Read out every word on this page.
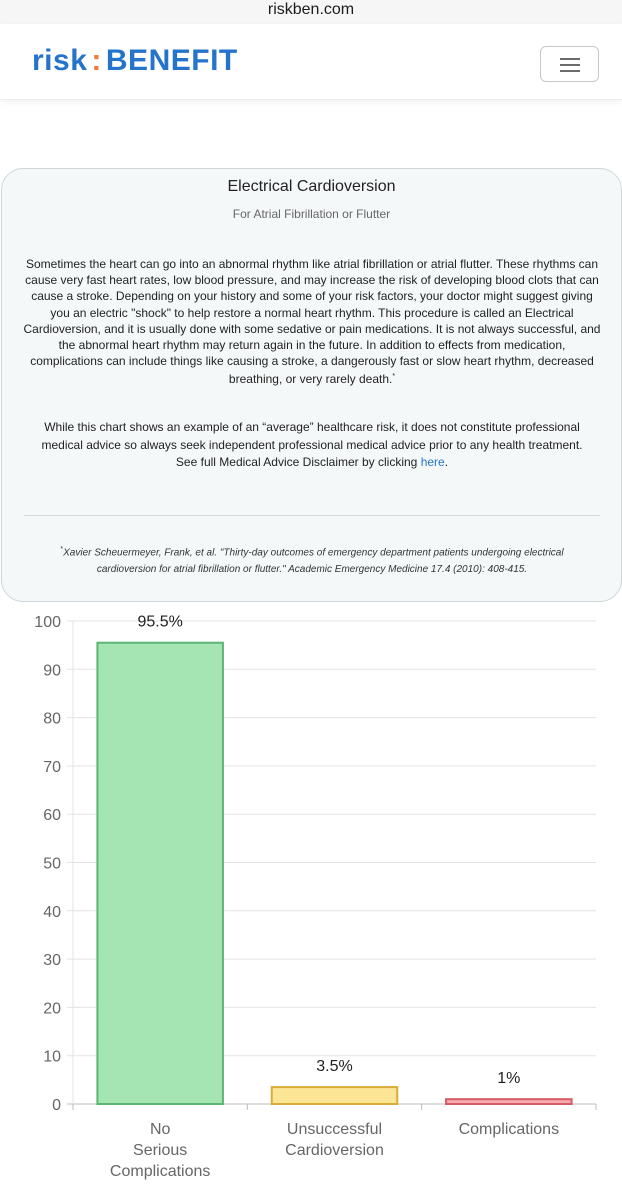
riskben.com
risk : BENEFIT
Electrical Cardioversion
For Atrial Fibrillation or Flutter
Sometimes the heart can go into an abnormal rhythm like atrial fibrillation or atrial flutter. These rhythms can cause very fast heart rates, low blood pressure, and may increase the risk of developing blood clots that can cause a stroke. Depending on your history and some of your risk factors, your doctor might suggest giving you an electric "shock" to help restore a normal heart rhythm. This procedure is called an Electrical Cardioversion, and it is usually done with some sedative or pain medications. It is not always successful, and the abnormal heart rhythm may return again in the future. In addition to effects from medication, complications can include things like causing a stroke, a dangerously fast or slow heart rhythm, decreased breathing, or very rarely death.*
While this chart shows an example of an “average” healthcare risk, it does not constitute professional medical advice so always seek independent professional medical advice prior to any health treatment. See full Medical Advice Disclaimer by clicking here.
*Xavier Scheuermeyer, Frank, et al. "Thirty-day outcomes of emergency department patients undergoing electrical cardioversion for atrial fibrillation or flutter." Academic Emergency Medicine 17.4 (2010): 408-415.
0
10
20
30
40
50
60
70
80
90
100	95.5%
No
Serious
Complications
3.5%
Unsuccessful
Cardioversion
1%
Complications
